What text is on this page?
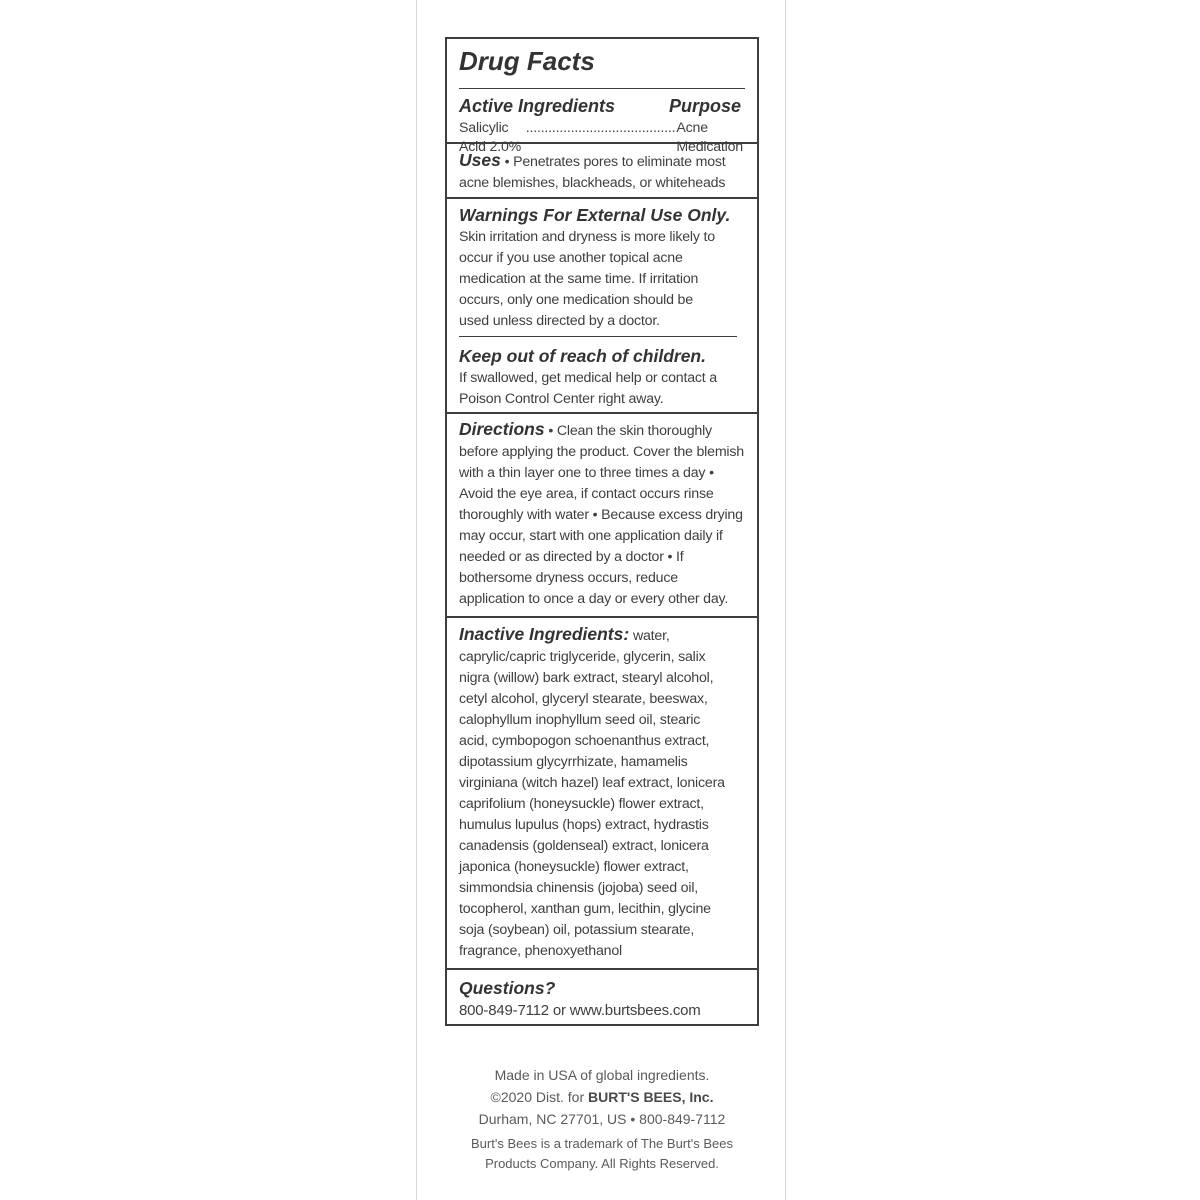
Drug Facts
Active Ingredients	Purpose
Salicylic Acid 2.0%
........................................ Acne Medication

Uses • Penetrates pores to eliminate most acne blemishes, blackheads, or whiteheads

Warnings For External Use Only.

Skin irritation and dryness is more likely to occur if you use another topical acne medication at the same time. If irritation occurs, only one medication should be used unless directed by a doctor.

Keep out of reach of children.

If swallowed, get medical help or contact a Poison Control Center right away.

Directions • Clean the skin thoroughly before applying the product. Cover the blemish with a thin layer one to three times a day • Avoid the eye area, if contact occurs rinse thoroughly with water • Because excess drying may occur, start with one application daily if needed or as directed by a doctor • If bothersome dryness occurs, reduce application to once a day or every other day.

Inactive Ingredients: water, caprylic/capric triglyceride, glycerin, salix nigra (willow) bark extract, stearyl alcohol, cetyl alcohol, glyceryl stearate, beeswax, calophyllum inophyllum seed oil, stearic acid, cymbopogon schoenanthus extract, dipotassium glycyrrhizate, hamamelis virginiana (witch hazel) leaf extract, lonicera caprifolium (honeysuckle) flower extract, humulus lupulus (hops) extract, hydrastis canadensis (goldenseal) extract, lonicera japonica (honeysuckle) flower extract, simmondsia chinensis (jojoba) seed oil, tocopherol, xanthan gum, lecithin, glycine soja (soybean) oil, potassium stearate, fragrance, phenoxyethanol

Questions?

800-849-7112 or www.burtsbees.com

Made in USA of global ingredients.
©2020 Dist. for BURT'S BEES, Inc.
Durham, NC 27701, US • 800-849-7112
Burt's Bees is a trademark of The Burt's Bees
Products Company. All Rights Reserved.
